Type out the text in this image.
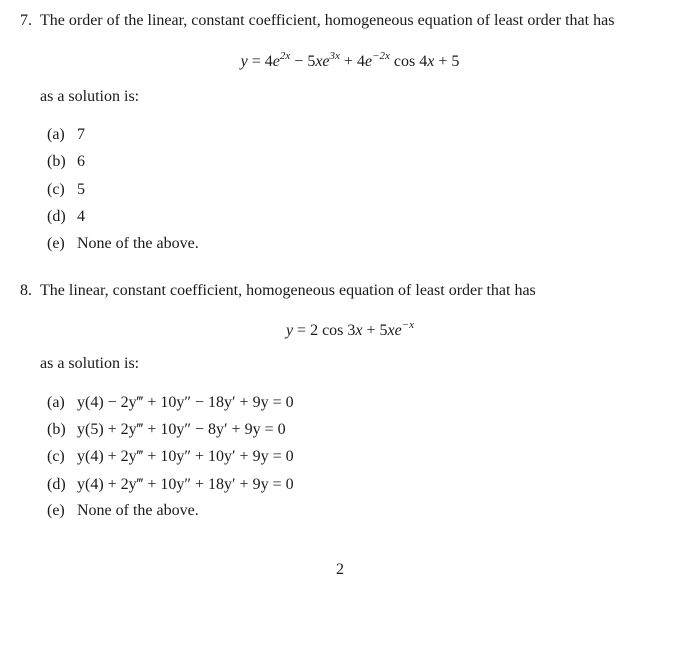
7. The order of the linear, constant coefficient, homogeneous equation of least order that has
$y = 4e^{2x} - 5xe^{3x} + 4e^{-2x}$ cos 4x + 5
as a solution is:
(a) 7
(b) 6
(c) 5
(d) 4
(e) None of the above.
8. The linear, constant coefficient, homogeneous equation of least order that has
y = 2 $\cos 3x + 5xe^{-x}$
as a solution is:
(a) y(4) − 2y‴ + 10y″ − 18y′ + 9y = 0
(b) y(5) + 2y‴ + 10y″ − 8y′ + 9y = 0
(c) y(4) + 2y‴ + 10y″ + 10y′ + 9y = 0
(d) y(4) + 2y‴ + 10y″ + 18y′ + 9y = 0
(e) None of the above.
2
